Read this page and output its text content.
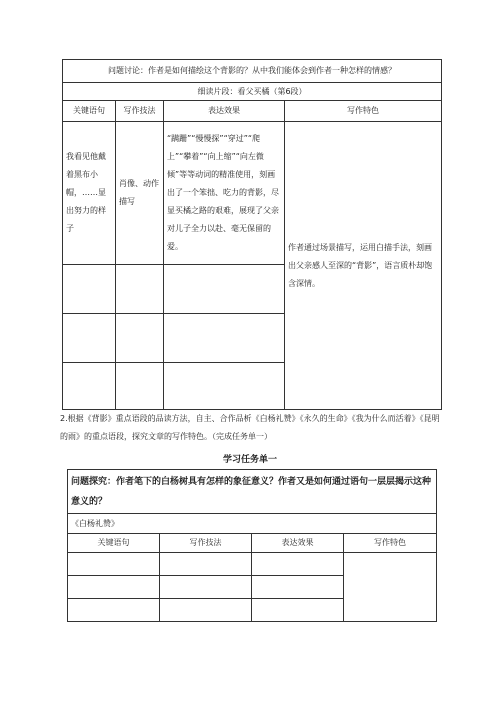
问题讨论：作者是如何描绘这个背影的？从中我们能体会到作者一种怎样的情感？			
细读片段：看父买橘（第6段）			
关键语句	写作技法	表达效果	写作特色
我看见他戴着黑布小帽，……显出努力的样子	肖像、动作描写	“蹒跚”“慢慢探”“穿过”“爬上”“攀着”“向上缩”“向左微倾”等等动词的精准使用，刻画出了一个笨拙、吃力的背影，尽显买橘之路的艰难，展现了父亲对儿子全力以赴、毫无保留的爱。	作者通过场景描写，运用白描手法，刻画出父亲感人至深的“背影”，语言质朴却饱含深情。

2.根据《背影》重点语段的品读方法，自主、合作品析《白杨礼赞》《永久的生命》《我为什么而活着》《昆明的雨》的重点语段，探究文章的写作特色。（完成任务单一）
学习任务单一
问题探究：作者笔下的白杨树具有怎样的象征意义？作者又是如何通过语句一层层揭示这种意义的？			
《白杨礼赞》			
关键语句	写作技法	表达效果	写作特色
